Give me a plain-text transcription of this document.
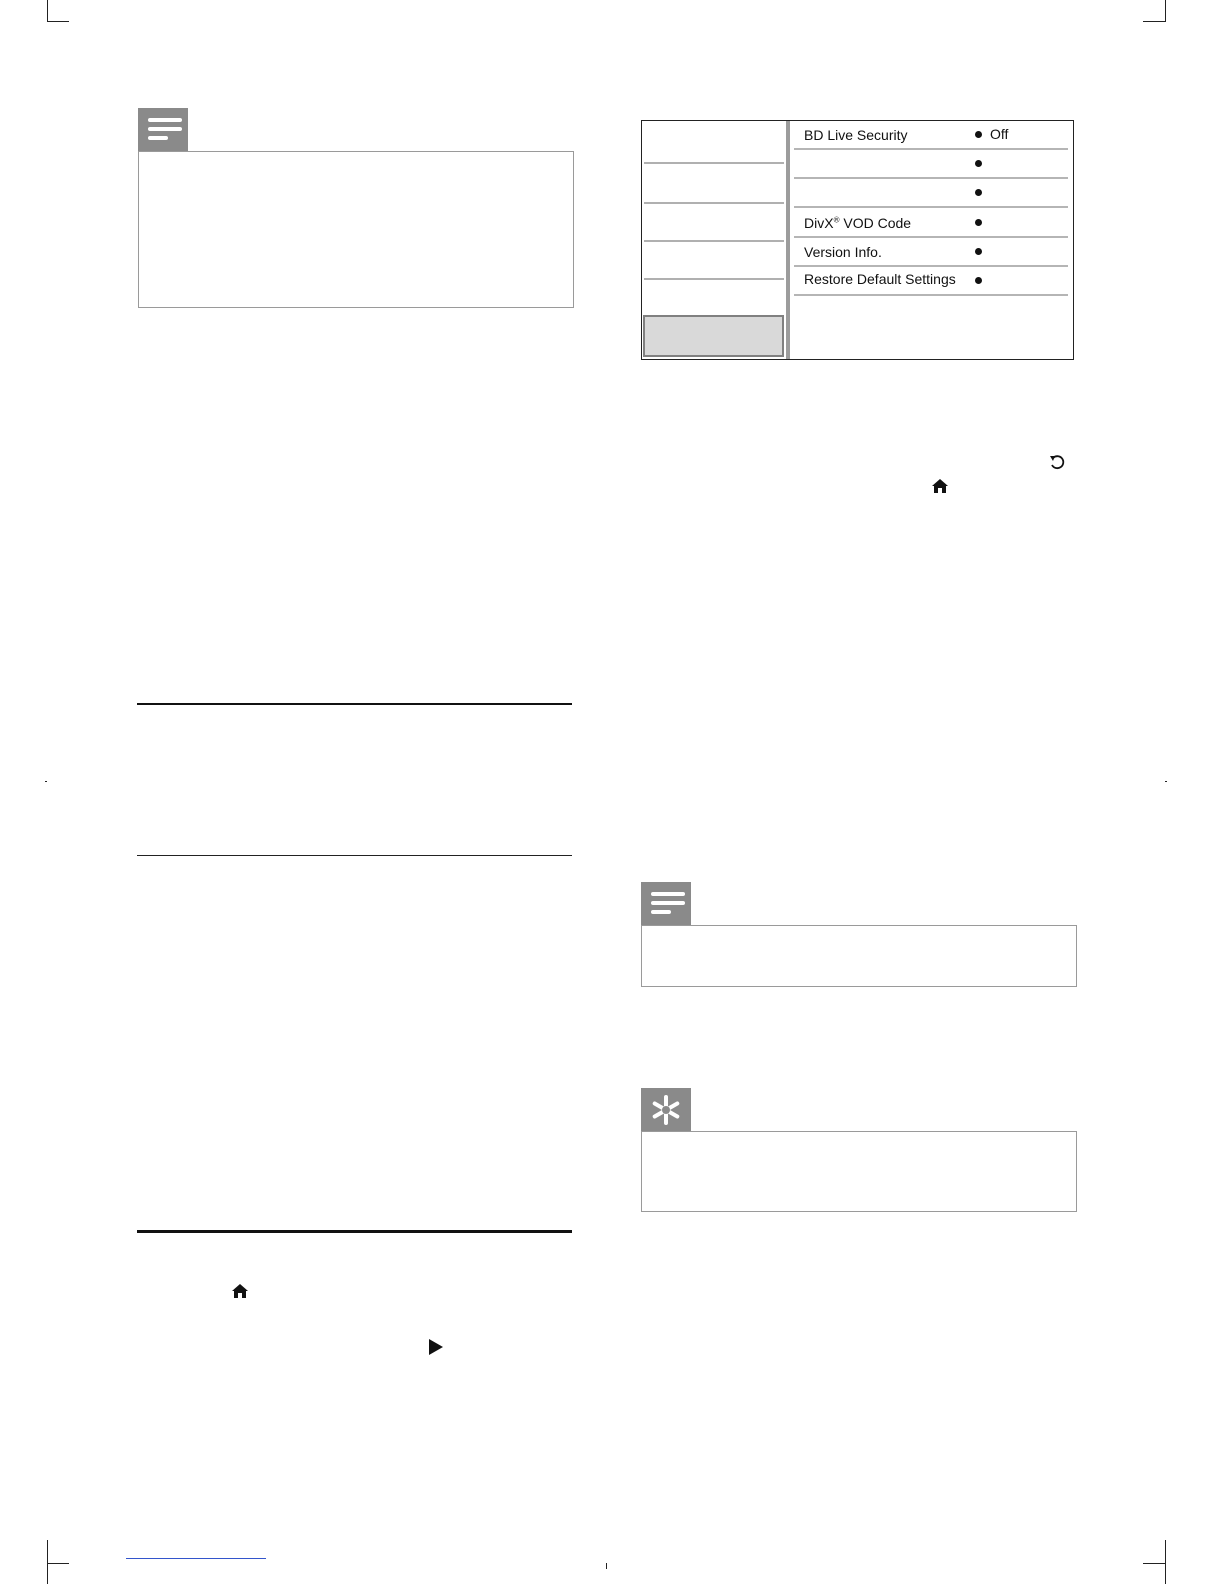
BD Live Security	Off
DivX® VOD Code
Version Info.
Restore Default Settings
